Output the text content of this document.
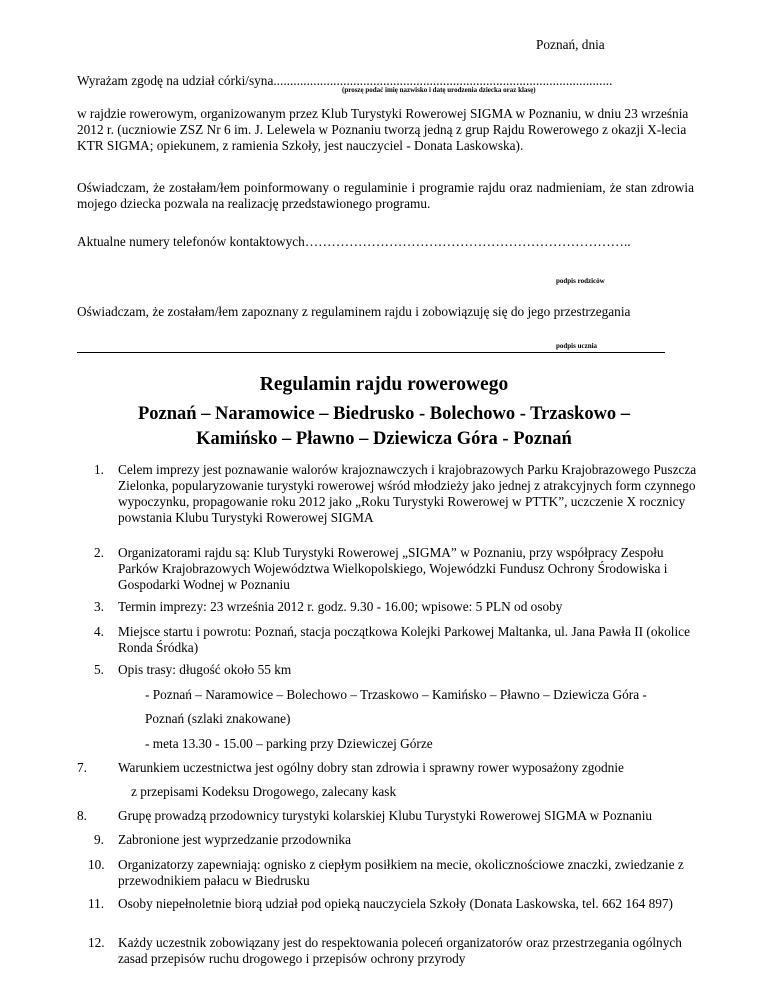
Poznań, dnia
Wyrażam zgodę na udział córki/syna......................................................................................................
(proszę podać imię nazwisko i datę urodzenia dziecka oraz klasę)
w rajdzie rowerowym, organizowanym przez Klub Turystyki Rowerowej SIGMA w Poznaniu, w dniu 23 września 2012 r. (uczniowie ZSZ Nr 6 im. J. Lelewela w Poznaniu tworzą jedną z grup Rajdu Rowerowego z okazji X-lecia KTR SIGMA; opiekunem, z ramienia Szkoły, jest nauczyciel - Donata Laskowska).
Oświadczam, że zostałam/łem poinformowany o regulaminie i programie rajdu oraz nadmieniam, że stan zdrowia mojego dziecka pozwala na realizację przedstawionego programu.
Aktualne numery telefonów kontaktowych………………………………………………………………..
podpis rodziców
Oświadczam, że zostałam/łem zapoznany z regulaminem rajdu i zobowiązuję się do jego przestrzegania
podpis ucznia
Regulamin rajdu rowerowego
Poznań – Naramowice – Biedrusko - Bolechowo - Trzaskowo –
Kamińsko – Pławno – Dziewicza Góra - Poznań
1. Celem imprezy jest poznawanie walorów krajoznawczych i krajobrazowych Parku Krajobrazowego Puszcza Zielonka, popularyzowanie turystyki rowerowej wśród młodzieży jako jednej z atrakcyjnych form czynnego wypoczynku, propagowanie roku 2012 jako „Roku Turystyki Rowerowej w PTTK”, uczczenie X rocznicy powstania Klubu Turystyki Rowerowej SIGMA
2. Organizatorami rajdu są: Klub Turystyki Rowerowej „SIGMA” w Poznaniu, przy współpracy Zespołu Parków Krajobrazowych Województwa Wielkopolskiego, Wojewódzki Fundusz Ochrony Środowiska i Gospodarki Wodnej w Poznaniu
3. Termin imprezy: 23 września 2012 r. godz. 9.30 - 16.00; wpisowe: 5 PLN od osoby
4. Miejsce startu i powrotu: Poznań, stacja początkowa Kolejki Parkowej Maltanka, ul. Jana Pawła II (okolice Ronda Śródka)
5. Opis trasy: długość około 55 km
- Poznań – Naramowice – Bolechowo – Trzaskowo – Kamińsko – Pławno – Dziewicza Góra -
Poznań (szlaki znakowane)
- meta 13.30 - 15.00 – parking przy Dziewiczej Górze
7. Warunkiem uczestnictwa jest ogólny dobry stan zdrowia i sprawny rower wyposażony zgodnie
z przepisami Kodeksu Drogowego, zalecany kask
8. Grupę prowadzą przodownicy turystyki kolarskiej Klubu Turystyki Rowerowej SIGMA w Poznaniu
9. Zabronione jest wyprzedzanie przodownika
10. Organizatorzy zapewniają: ognisko z ciepłym posiłkiem na mecie, okolicznościowe znaczki, zwiedzanie z przewodnikiem pałacu w Biedrusku
11. Osoby niepełnoletnie biorą udział pod opieką nauczyciela Szkoły (Donata Laskowska, tel. 662 164 897)
12. Każdy uczestnik zobowiązany jest do respektowania poleceń organizatorów oraz przestrzegania ogólnych zasad przepisów ruchu drogowego i przepisów ochrony przyrody
